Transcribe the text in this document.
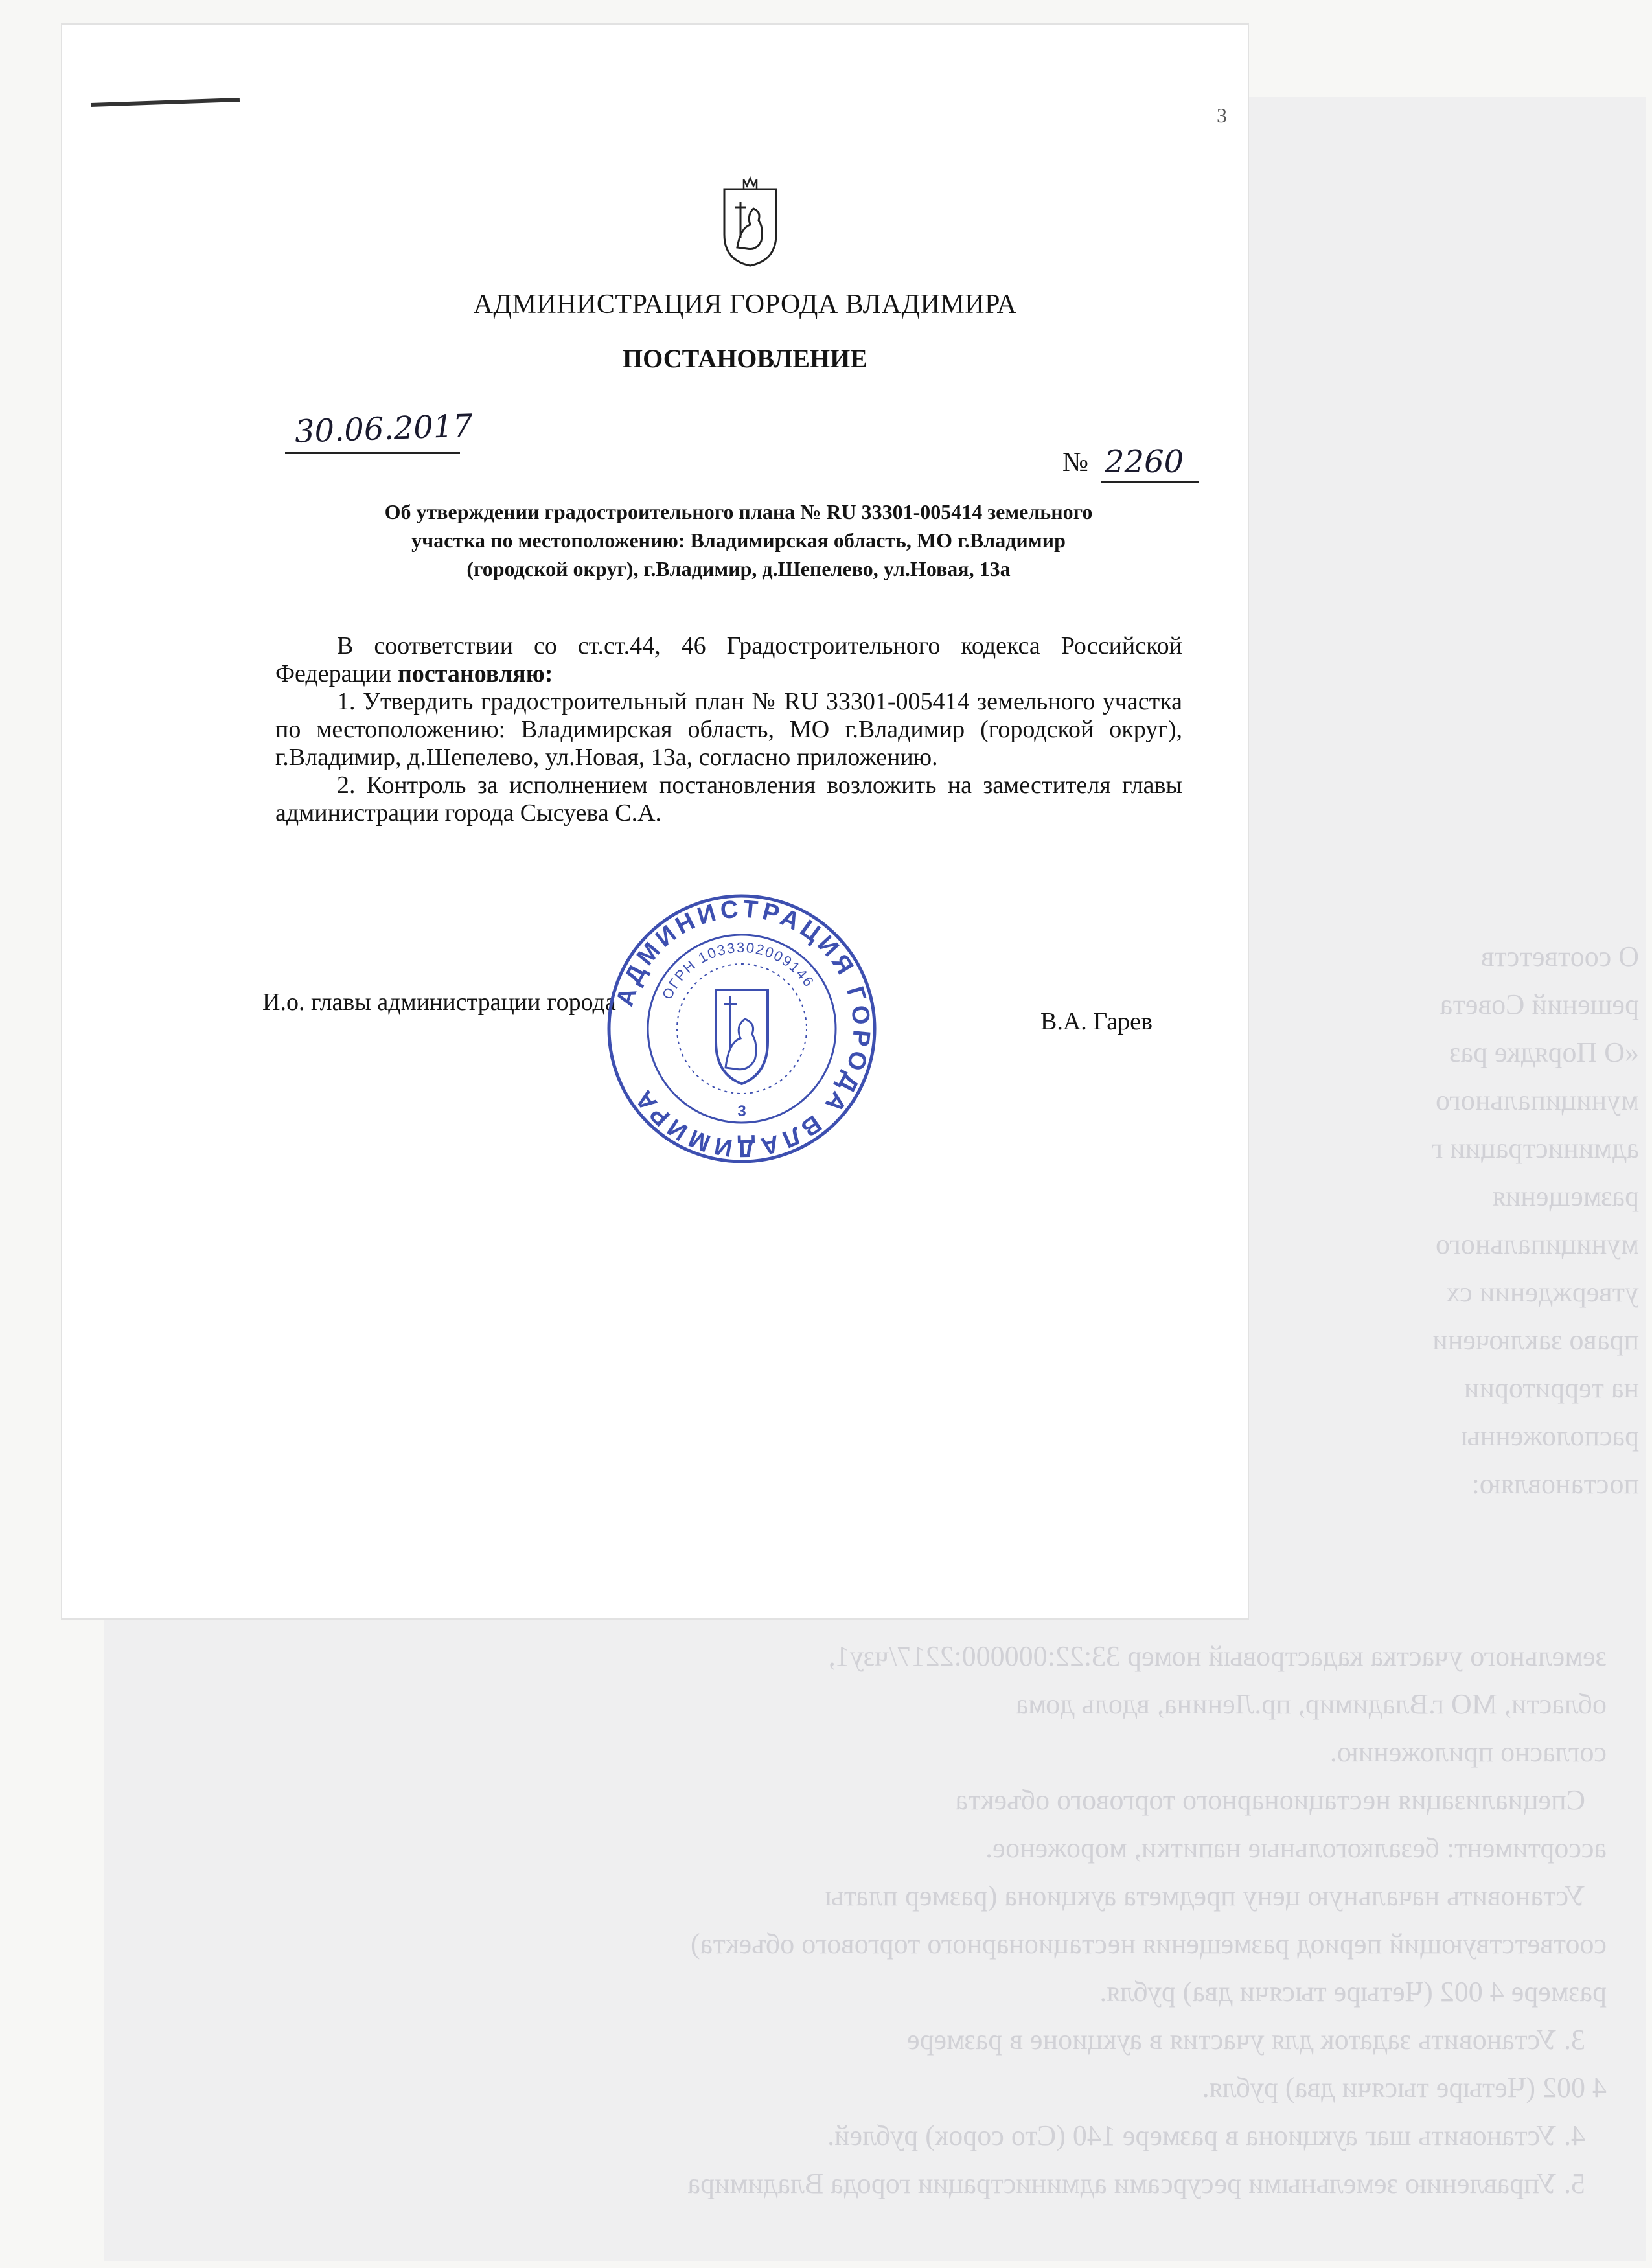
О соответств
решений Совета
«О Порядке раз
муниципального
администрации г
размещения
муниципального
утверждении сх
право заключени
на территории
расположенны
постановляю:
земельного участка кадастровый номер 33:22:000000:2217/чзу1,
области, МО г.Владимир, пр.Ленина, вдоль дома
согласно приложению.
Специализация нестационарного торгового объекта
ассортимент: безалкогольные напитки, мороженое.
Установить начальную цену предмета аукциона (размер платы
соответствующий период размещения нестационарного торгового объекта)
размере 4 002 (Четыре тысячи два) рубля.
3. Установить задаток для участия в аукционе в размере
4 002 (Четыре тысячи два) рубля.
4. Установить шаг аукциона в размере 140 (Сто сорок) рублей.
5. Управлению земельными ресурсами администрации города Владимира
3
АДМИНИСТРАЦИЯ ГОРОДА ВЛАДИМИРА
ПОСТАНОВЛЕНИЕ
30.06.2017
№ 2260
Об утверждении градостроительного плана № RU 33301-005414 земельного
участка по местоположению: Владимирская область, МО г.Владимир
(городской округ), г.Владимир, д.Шепелево, ул.Новая, 13а

В соответствии со ст.ст.44, 46 Градостроительного кодекса Российской Федерации постановляю:

1. Утвердить градостроительный план № RU 33301-005414 земельного участка по местоположению: Владимирская область, МО г.Владимир (городской округ), г.Владимир, д.Шепелево, ул.Новая, 13а, согласно приложению.

2. Контроль за исполнением постановления возложить на заместителя главы администрации города Сысуева С.А.

И.о. главы администрации города
В.А. Гарев
АДМИНИСТРАЦИЯ ГОРОДА ВЛАДИМИРА
ОГРН 1033302009146
3
